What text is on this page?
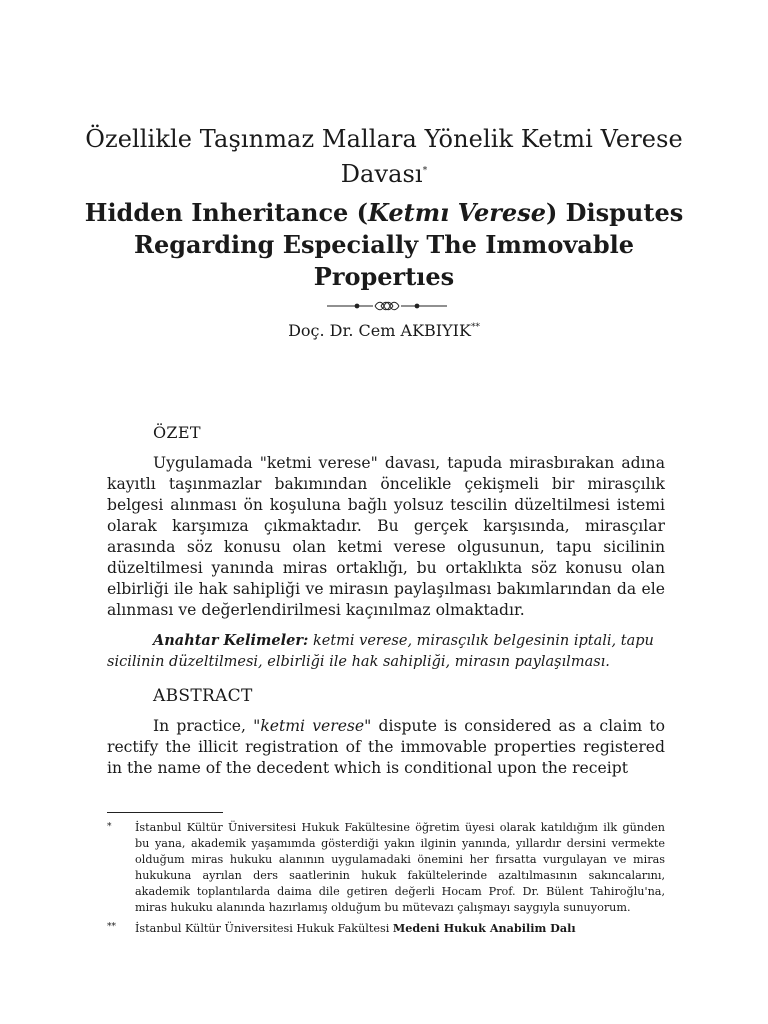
Özellikle Taşınmaz Mallara Yönelik Ketmi Verese Davası*
Hidden Inheritance (Ketmı Verese) Disputes Regarding Especially The Immovable Propertıes
Doç. Dr. Cem AKBIYIK**
ÖZET

Uygulamada "ketmi verese" davası, tapuda mirasbırakan adına kayıtlı taşınmazlar bakımından öncelikle çekişmeli bir mirasçılık belgesi alınması ön koşuluna bağlı yolsuz tescilin düzeltilmesi istemi olarak karşımıza çıkmaktadır. Bu gerçek karşısında, mirasçılar arasında söz konusu olan ketmi verese olgusunun, tapu sicilinin düzeltilmesi yanında miras ortaklığı, bu ortaklıkta söz konusu olan elbirliği ile hak sahipliği ve mirasın paylaşılması bakımlarından da ele alınması ve değerlendirilmesi kaçınılmaz olmaktadır.

Anahtar Kelimeler: ketmi verese, mirasçılık belgesinin iptali, tapu sicilinin düzeltilmesi, elbirliği ile hak sahipliği, mirasın paylaşılması.
ABSTRACT

In practice, "ketmi verese" dispute is considered as a claim to rectify the illicit registration of the immovable properties registered in the name of the decedent which is conditional upon the receipt

* İstanbul Kültür Üniversitesi Hukuk Fakültesine öğretim üyesi olarak katıldığım ilk günden bu yana, akademik yaşamımda gösterdiği yakın ilginin yanında, yıllardır dersini vermekte olduğum miras hukuku alanının uygulamadaki önemini her fırsatta vurgulayan ve miras hukukuna ayrılan ders saatlerinin hukuk fakültelerinde azaltılmasının sakıncalarını, akademik toplantılarda daima dile getiren değerli Hocam Prof. Dr. Bülent Tahiroğlu'na, miras hukuku alanında hazırlamış olduğum bu mütevazı çalışmayı saygıyla sunuyorum.
** İstanbul Kültür Üniversitesi Hukuk Fakültesi Medeni Hukuk Anabilim Dalı
